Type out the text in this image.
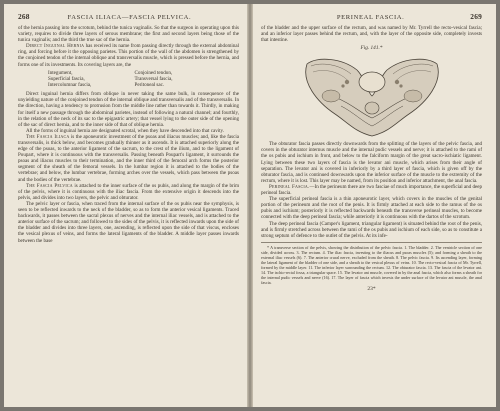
268	FASCIA ILIACA—FASCIA PELVICA.

of the hernia passing into the scrotum, behind the tunica vaginalis. So that the surgeon in operating upon this variety, requires to divide three layers of serous membrane; the first and second layers being those of the tunica vaginalis; and the third the true sac of the hernia.

Direct Inguinal Hernia has received its name from passing directly through the external abdominal ring, and forcing before it the opposing parietes. This portion of the wall of the abdomen is strengthened by the conjoined tendon of the internal oblique and transversalis muscle, which is pressed before the hernia, and forms one of its investments. Its covering layers are, the

Integument,	Conjoined tendon,
Superficial fascia,	Transversal fascia,
Intercolumnar fascia,	Peritoneal sac.

Direct inguinal hernia differs from oblique in never taking the same bulk, in consequence of the unyielding nature of the conjoined tendon of the internal oblique and transversalis and of the transversalis. In the direction, having a tendency to protrusion from the middle line rather than towards it. Thirdly, in making for itself a new passage through the abdominal parietes, instead of following a natural channel; and fourthly, in the relation of the neck of its sac to the epigastric artery; that vessel lying to the outer side of the opening of the sac of direct hernia, and to the inner side of that of oblique hernia.

All the forms of inguinal hernia are designated scrotal, when they have descended into that cavity.

The Fascia Iliaca is the aponeurotic investment of the psoas and iliacus muscles; and, like the fascia transversalis, is thick below, and becomes gradually thinner as it ascends. It is attached superiorly along the edge of the psoas, to the anterior ligament of the sacrum, to the crest of the ilium, and to the ligament of Poupart, where it is continuous with the transversalis. Passing beneath Poupart's ligament, it surrounds the psoas and iliacus muscles to their termination, and the inner third of the femoral arch forms the posterior segment of the sheath of the femoral vessels. In the lumbar region it is attached to the bodies of the vertebrae; and below, the lumbar vertebrae, forming arches over the vessels, which pass between the psoas and the bodies of the vertebrae.

The Fascia Pelvica is attached to the inner surface of the os pubis, and along the margin of the brim of the pelvis, where it is continuous with the iliac fascia. From the extensive origin it descends into the pelvis, and divides into two layers, the pelvic and obturator.

The pelvic layer or fascia, when traced from the internal surface of the os pubis near the symphysis, is seen to be reflected inwards to the neck of the bladder, so as to form the anterior vesical ligaments. Traced backwards, it passes between the sacral plexus of nerves and the internal iliac vessels, and is attached to the anterior surface of the sacrum; and followed to the sides of the pelvis, it is reflected inwards upon the side of the bladder and divides into three layers, one, ascending, is reflected upon the side of that viscus, encloses the vesical plexus of veins, and forms the lateral ligaments of the bladder. A middle layer passes inwards between the base

PERINEAL FASCIA.	269

of the bladder and the upper surface of the rectum, and was named by Mr. Tyrrell the recto-vesical fascia; and an inferior layer passes behind the rectum, and, with the layer of the opposite side, completely invests that intestine.

Fig. 141.*

The obturator fascia passes directly downwards from the splitting of the layers of the pelvic fascia, and covers in the obturator internus muscle and the internal pudic vessels and nerve; it is attached to the rami of the os pubis and ischium in front, and below to the falciform margin of the great sacro-ischiatic ligament. Lying between these two layers of fascia is the levator ani muscle, which arises from their angle of separation. The levator ani is covered in inferiorly by a third layer of fascia, which is given off by the obturator fascia, and is continued downwards upon the inferior surface of the muscle to the extremity of the rectum, where it is lost. This layer may be named, from its position and inferior attachment, the anal fascia.

Perineal Fascia.—In the perineum there are two fasciae of much importance, the superficial and deep perineal fascia.

The superficial perineal fascia is a thin aponeurotic layer, which covers in the muscles of the genital portion of the perineum and the root of the penis. It is firmly attached at each side to the ramus of the os pubis and ischium; posteriorly it is reflected backwards beneath the transverse perineal muscles, to become connected with the deep perineal fascia; while anteriorly it is continuous with the dartos of the scrotum.

The deep perineal fascia (Camper's ligament, triangular ligament) is situated behind the root of the penis, and is firmly stretched across between the rami of the os pubis and ischium of each side, so as to constitute a strong septum of defence to the outlet of the pelvis. At its infe-

* A transverse section of the pelvis, showing the distribution of the pelvic fascia. 1. The bladder. 2. The ventricle section of one side, divided across. 3. The rectum. 4. The iliac fascia, investing to the iliacus and psoas muscles (5); and forming a sheath to the external iliac vessels (6). 7. The anterior crural nerve, excluded from the sheath. 8. The pelvic fascia. 9. Its ascending layer, forming the lateral ligament of the bladder of one side, and a sheath to the vesical plexus of veins. 10. The recto-vesical fascia of Mr. Tyrrell, formed by the middle layer. 11. The inferior layer surrounding the rectum. 12. The obturator fascia. 13. The fascia of the levator ani. 14. The ischio-rectal fossa, a triangular space. 15. The levator ani muscle, covered in by the anal fascia, which also forms a sheath for the internal pudic vessels and nerve (16). 17. The layer of fascia which invests the under surface of the levator ani muscle, the anal fascia.

23*
